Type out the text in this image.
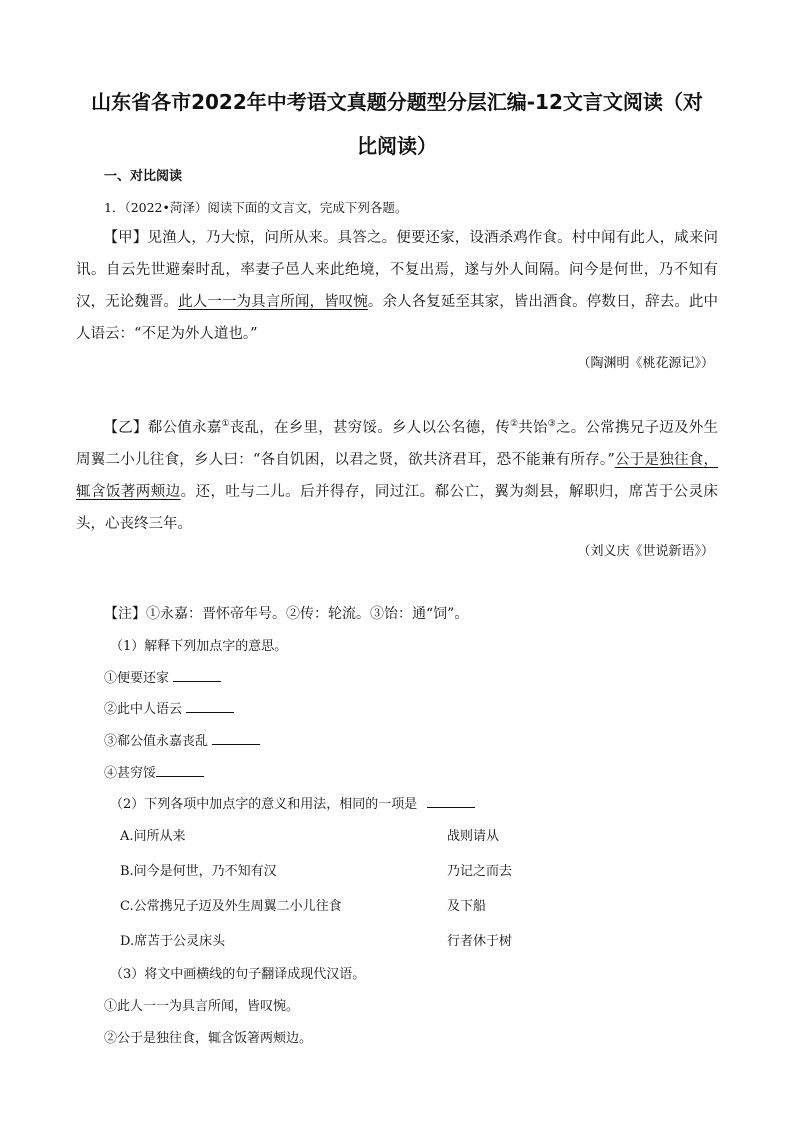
山东省各市2022年中考语文真题分题型分层汇编-12文言文阅读（对
比阅读）
一、对比阅读
1．（2022•菏泽）阅读下面的文言文，完成下列各题。
【甲】见渔人，乃大惊，问所从来。具答之。便要还家，设酒杀鸡作食。村中闻有此人，咸来问讯。自云先世避秦时乱，率妻子邑人来此绝境，不复出焉，遂与外人间隔。问今是何世，乃不知有汉，无论魏晋。此人一一为具言所闻，皆叹惋。余人各复延至其家，皆出酒食。停数日，辞去。此中人语云：“不足为外人道也。”
（陶渊明《桃花源记》）
【乙】郗公值永嘉①丧乱，在乡里，甚穷馁。乡人以公名德，传②共饴③之。公常携兄子迈及外生周翼二小儿往食，乡人曰：“各自饥困，以君之贤，欲共济君耳，恐不能兼有所存。”公于是独往食，辄含饭著两颊边。还，吐与二儿。后并得存，同过江。郗公亡，翼为剡县，解职归，席苫于公灵床头，心丧终三年。
（刘义庆《世说新语》）
【注】①永嘉：晋怀帝年号。②传：轮流。③饴：通“饲”。
（1）解释下列加点字的意思。
①便要还家
②此中人语云
③郗公值永嘉丧乱
④甚穷馁
（2）下列各项中加点字的意义和用法，相同的一项是
A.问所从来	战则请从
B.问今是何世，乃不知有汉	乃记之而去
C.公常携兄子迈及外生周翼二小儿往食	及下船
D.席苫于公灵床头	行者休于树
（3）将文中画横线的句子翻译成现代汉语。
①此人一一为具言所闻，皆叹惋。
②公于是独往食，辄含饭箸两颊边。
